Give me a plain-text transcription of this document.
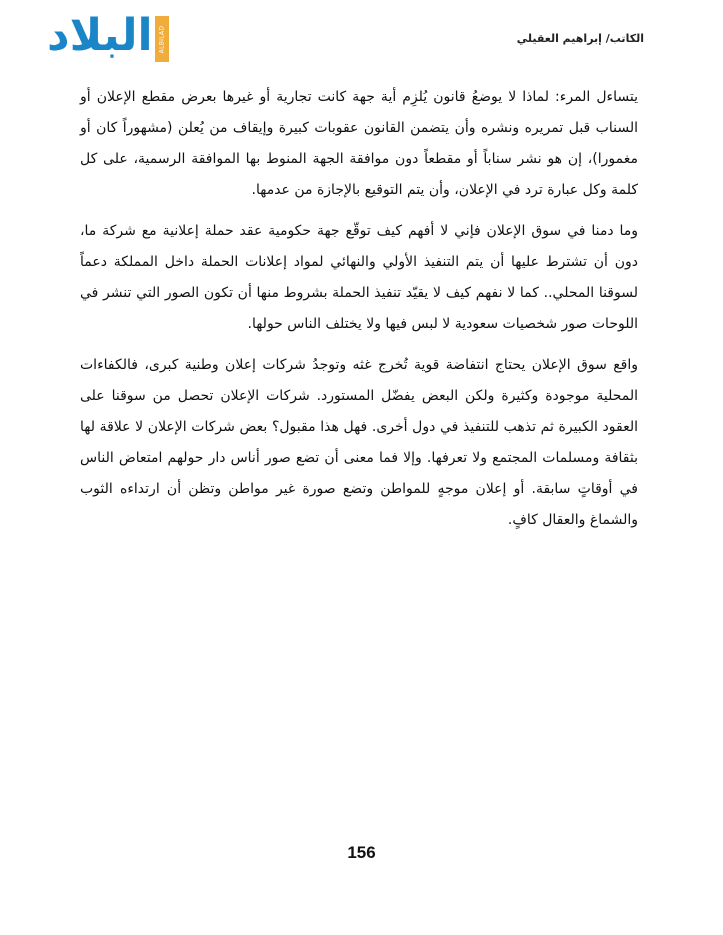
البلاد ALBILAD	الكاتب/ إبراهيم العقيلي

يتساءل المرء: لماذا لا يوضعُ قانون يُلزِم أية جهة كانت تجارية أو غيرها بعرض مقطع الإعلان أو السناب قبل تمريره ونشره وأن يتضمن القانون عقوبات كبيرة وإيقاف من يُعلن (مشهوراً كان أو مغمورا)، إن هو نشر سناباً أو مقطعاً دون موافقة الجهة المنوط بها الموافقة الرسمية، على كل كلمة وكل عبارة ترد في الإعلان، وأن يتم التوقيع بالإجازة من عدمها.

وما دمنا في سوق الإعلان فإني لا أفهم كيف توقّع جهة حكومية عقد حملة إعلانية مع شركة ما، دون أن تشترط عليها أن يتم التنفيذ الأولي والنهائي لمواد إعلانات الحملة داخل المملكة دعماً لسوقنا المحلي.. كما لا نفهم كيف لا يقيّد تنفيذ الحملة بشروط منها أن تكون الصور التي تنشر في اللوحات صور شخصيات سعودية لا لبس فيها ولا يختلف الناس حولها.

واقع سوق الإعلان يحتاج انتفاضة قوية تُخرج غثه وتوجدُ شركات إعلان وطنية كبرى، فالكفاءات المحلية موجودة وكثيرة ولكن البعض يفضّل المستورد. شركات الإعلان تحصل من سوقنا على العقود الكبيرة ثم تذهب للتنفيذ في دول أخرى. فهل هذا مقبول؟ بعض شركات الإعلان لا علاقة لها بثقافة ومسلمات المجتمع ولا تعرفها. وإلا فما معنى أن تضع صور أناس دار حولهم امتعاض الناس في أوقاتٍ سابقة. أو إعلان موجهٍ للمواطن وتضع صورة غير مواطن وتظن أن ارتداءه الثوب والشماغ والعقال كافٍ.

156
